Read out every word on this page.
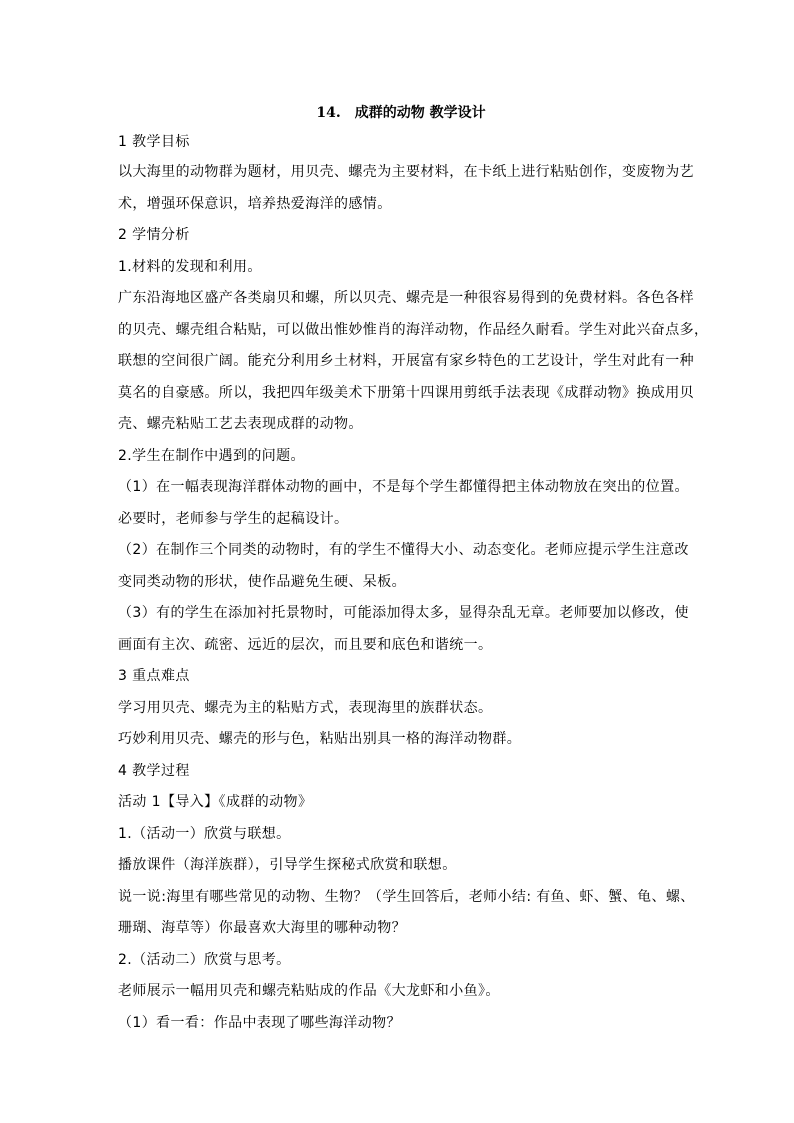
14.　成群的动物 教学设计

1 教学目标

以大海里的动物群为题材，用贝壳、螺壳为主要材料，在卡纸上进行粘贴创作，变废物为艺

术，增强环保意识，培养热爱海洋的感情。

2 学情分析

1.材料的发现和利用。

广东沿海地区盛产各类扇贝和螺，所以贝壳、螺壳是一种很容易得到的免费材料。各色各样

的贝壳、螺壳组合粘贴，可以做出惟妙惟肖的海洋动物，作品经久耐看。学生对此兴奋点多，

联想的空间很广阔。能充分利用乡土材料，开展富有家乡特色的工艺设计，学生对此有一种

莫名的自豪感。所以，我把四年级美术下册第十四课用剪纸手法表现《成群动物》换成用贝

壳、螺壳粘贴工艺去表现成群的动物。

2.学生在制作中遇到的问题。

（1）在一幅表现海洋群体动物的画中，不是每个学生都懂得把主体动物放在突出的位置。

必要时，老师参与学生的起稿设计。

（2）在制作三个同类的动物时，有的学生不懂得大小、动态变化。老师应提示学生注意改

变同类动物的形状，使作品避免生硬、呆板。

（3）有的学生在添加衬托景物时，可能添加得太多，显得杂乱无章。老师要加以修改，使

画面有主次、疏密、远近的层次，而且要和底色和谐统一。

3 重点难点

学习用贝壳、螺壳为主的粘贴方式，表现海里的族群状态。

巧妙利用贝壳、螺壳的形与色，粘贴出别具一格的海洋动物群。

4 教学过程

活动 1【导入】《成群的动物》

1.（活动一）欣赏与联想。

播放课件（海洋族群），引导学生探秘式欣赏和联想。

说一说:海里有哪些常见的动物、生物？（学生回答后，老师小结: 有鱼、虾、蟹、龟、螺、

珊瑚、海草等）你最喜欢大海里的哪种动物？

2.（活动二）欣赏与思考。

老师展示一幅用贝壳和螺壳粘贴成的作品《大龙虾和小鱼》。

（1）看一看：作品中表现了哪些海洋动物？
